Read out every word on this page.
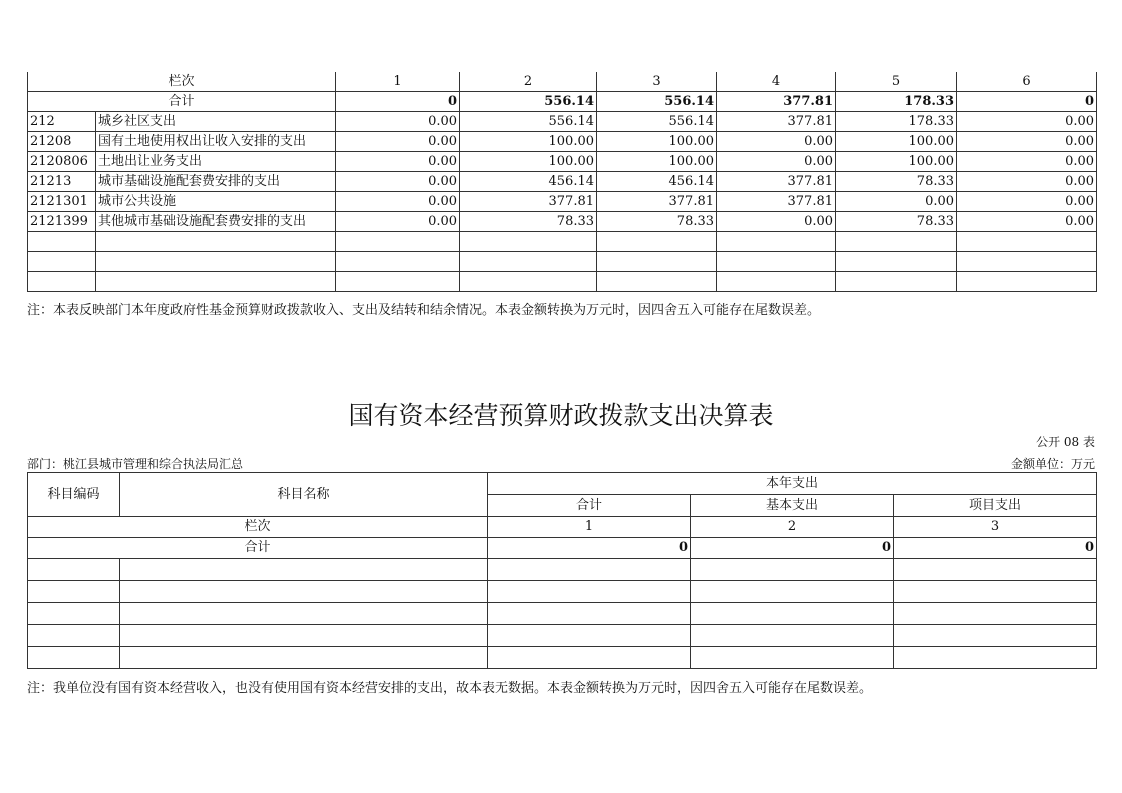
栏次		1	2	3	4	5	6
合计		0	556.14	556.14	377.81	178.33	0
212	城乡社区支出	0.00	556.14	556.14	377.81	178.33	0.00
21208	国有土地使用权出让收入安排的支出	0.00	100.00	100.00	0.00	100.00	0.00
2120806	土地出让业务支出	0.00	100.00	100.00	0.00	100.00	0.00
21213	城市基础设施配套费安排的支出	0.00	456.14	456.14	377.81	78.33	0.00
2121301	城市公共设施	0.00	377.81	377.81	377.81	0.00	0.00
2121399	其他城市基础设施配套费安排的支出	0.00	78.33	78.33	0.00	78.33	0.00

注：本表反映部门本年度政府性基金预算财政拨款收入、支出及结转和结余情况。本表金额转换为万元时，因四舍五入可能存在尾数误差。
国有资本经营预算财政拨款支出决算表
公开 08 表
部门：桃江县城市管理和综合执法局汇总	金额单位：万元
科目编码	科目名称	本年支出		
		合计	基本支出	项目支出
栏次		1	2	3
合计		0	0	0

注：我单位没有国有资本经营收入，也没有使用国有资本经营安排的支出，故本表无数据。本表金额转换为万元时，因四舍五入可能存在尾数误差。
